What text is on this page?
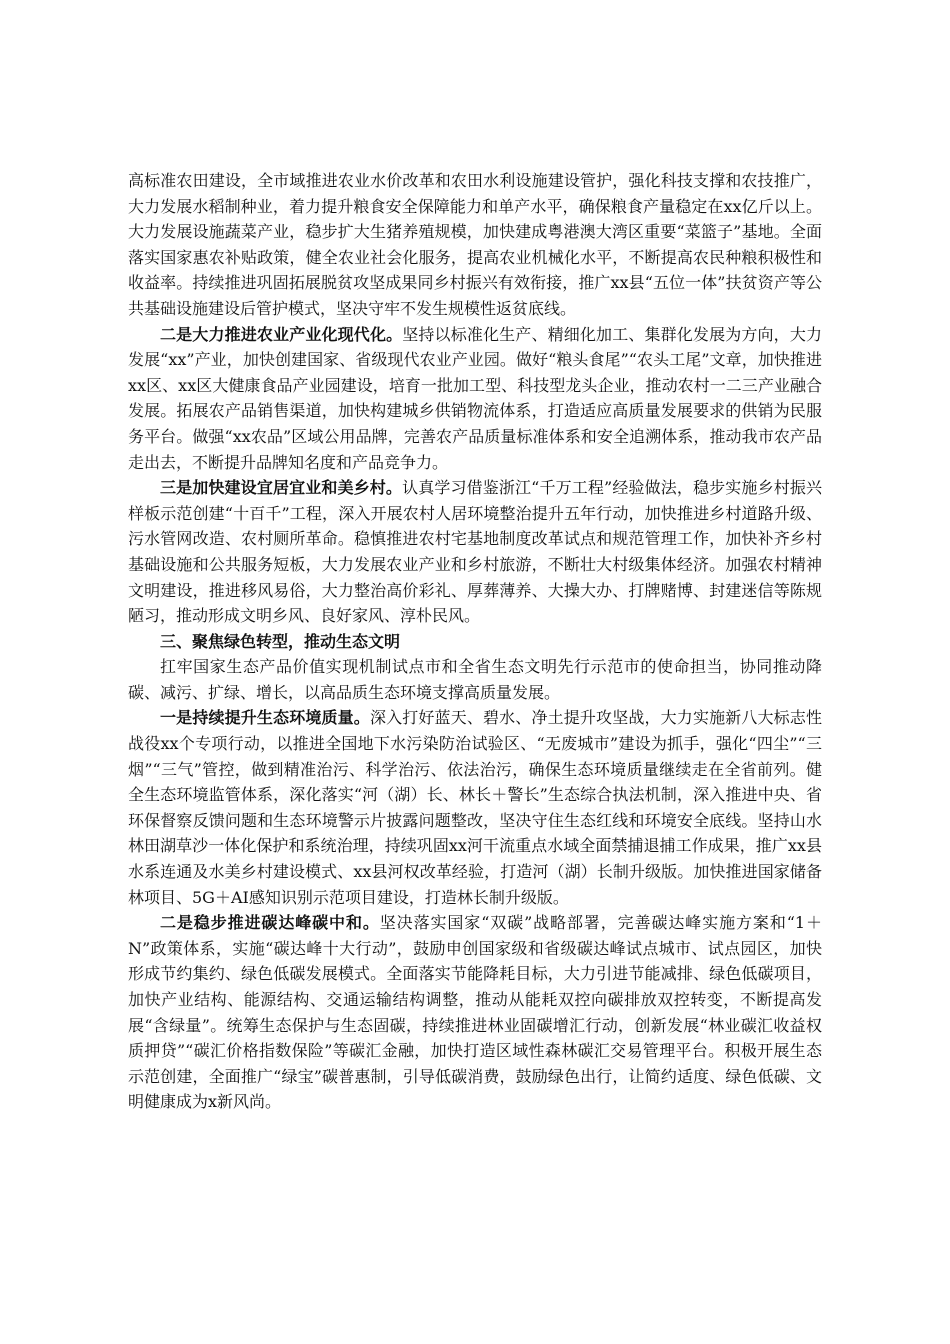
高标准农田建设，全市域推进农业水价改革和农田水利设施建设管护，强化科技支撑和农技推广，大力发展水稻制种业，着力提升粮食安全保障能力和单产水平，确保粮食产量稳定在xx亿斤以上。大力发展设施蔬菜产业，稳步扩大生猪养殖规模，加快建成粤港澳大湾区重要“菜篮子”基地。全面落实国家惠农补贴政策，健全农业社会化服务，提高农业机械化水平，不断提高农民种粮积极性和收益率。持续推进巩固拓展脱贫攻坚成果同乡村振兴有效衔接，推广xx县“五位一体”扶贫资产等公共基础设施建设后管护模式，坚决守牢不发生规模性返贫底线。

二是大力推进农业产业化现代化。坚持以标准化生产、精细化加工、集群化发展为方向，大力发展“xx”产业，加快创建国家、省级现代农业产业园。做好“粮头食尾”“农头工尾”文章，加快推进xx区、xx区大健康食品产业园建设，培育一批加工型、科技型龙头企业，推动农村一二三产业融合发展。拓展农产品销售渠道，加快构建城乡供销物流体系，打造适应高质量发展要求的供销为民服务平台。做强“xx农品”区域公用品牌，完善农产品质量标准体系和安全追溯体系，推动我市农产品走出去，不断提升品牌知名度和产品竞争力。

三是加快建设宜居宜业和美乡村。认真学习借鉴浙江“千万工程”经验做法，稳步实施乡村振兴样板示范创建“十百千”工程，深入开展农村人居环境整治提升五年行动，加快推进乡村道路升级、污水管网改造、农村厕所革命。稳慎推进农村宅基地制度改革试点和规范管理工作，加快补齐乡村基础设施和公共服务短板，大力发展农业产业和乡村旅游，不断壮大村级集体经济。加强农村精神文明建设，推进移风易俗，大力整治高价彩礼、厚葬薄养、大操大办、打牌赌博、封建迷信等陈规陋习，推动形成文明乡风、良好家风、淳朴民风。

三、聚焦绿色转型，推动生态文明

扛牢国家生态产品价值实现机制试点市和全省生态文明先行示范市的使命担当，协同推动降碳、减污、扩绿、增长，以高品质生态环境支撑高质量发展。

一是持续提升生态环境质量。深入打好蓝天、碧水、净土提升攻坚战，大力实施新八大标志性战役xx个专项行动，以推进全国地下水污染防治试验区、“无废城市”建设为抓手，强化“四尘”“三烟”“三气”管控，做到精准治污、科学治污、依法治污，确保生态环境质量继续走在全省前列。健全生态环境监管体系，深化落实“河（湖）长、林长＋警长”生态综合执法机制，深入推进中央、省环保督察反馈问题和生态环境警示片披露问题整改，坚决守住生态红线和环境安全底线。坚持山水林田湖草沙一体化保护和系统治理，持续巩固xx河干流重点水域全面禁捕退捕工作成果，推广xx县水系连通及水美乡村建设模式、xx县河权改革经验，打造河（湖）长制升级版。加快推进国家储备林项目、5G＋AI感知识别示范项目建设，打造林长制升级版。

二是稳步推进碳达峰碳中和。坚决落实国家“双碳”战略部署，完善碳达峰实施方案和“1＋N”政策体系，实施“碳达峰十大行动”，鼓励申创国家级和省级碳达峰试点城市、试点园区，加快形成节约集约、绿色低碳发展模式。全面落实节能降耗目标，大力引进节能减排、绿色低碳项目，加快产业结构、能源结构、交通运输结构调整，推动从能耗双控向碳排放双控转变，不断提高发展“含绿量”。统筹生态保护与生态固碳，持续推进林业固碳增汇行动，创新发展“林业碳汇收益权质押贷”“碳汇价格指数保险”等碳汇金融，加快打造区域性森林碳汇交易管理平台。积极开展生态示范创建，全面推广“绿宝”碳普惠制，引导低碳消费，鼓励绿色出行，让简约适度、绿色低碳、文明健康成为x新风尚。
